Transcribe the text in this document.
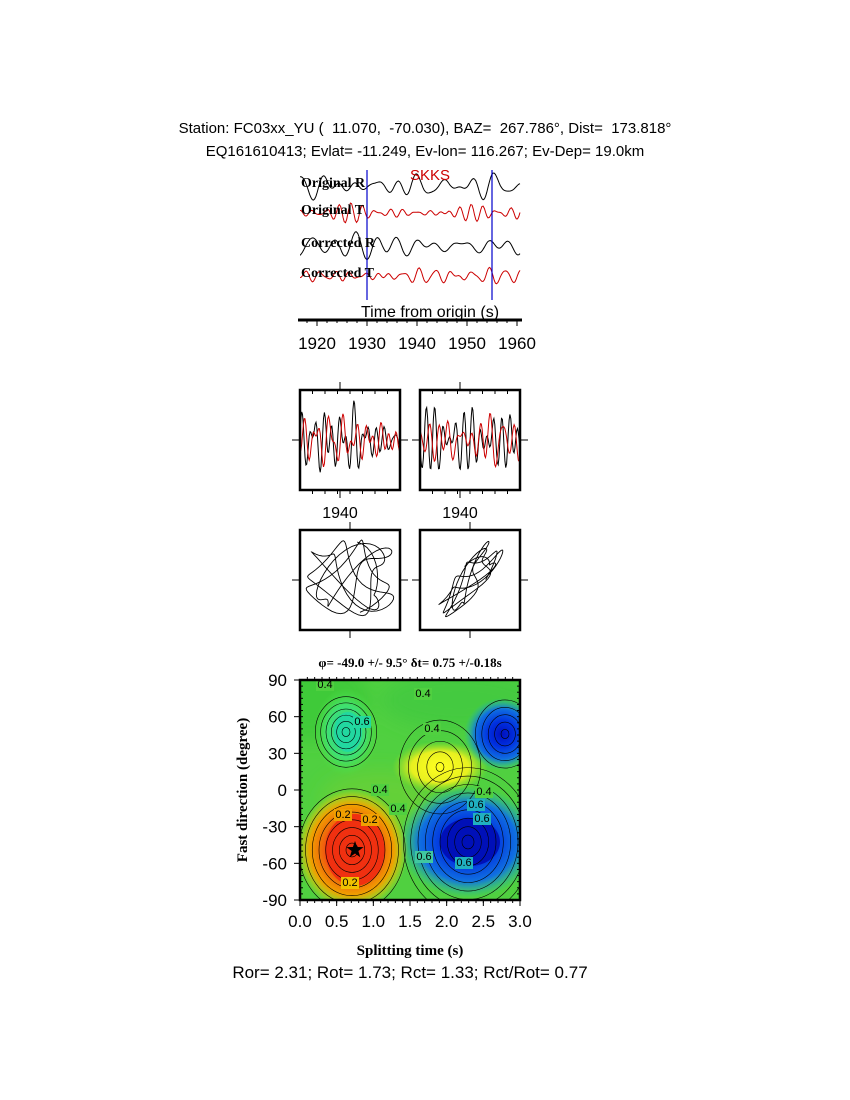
Station: FC03xx_YU (  11.070,  -70.030), BAZ=  267.786°, Dist=  173.818°
EQ161610413; Evlat= -11.249, Ev-lon= 116.267; Ev-Dep= 19.0km
Original R
Original T
Corrected R
Corrected T
SKKS
Time from origin (s)
1920 1930 1940 1950 1960
1940	1940
φ= -49.0 +/- 9.5° δt= 0.75 +/-0.18s
0.4
0.4
0.4
0.6
0.4
0.4
0.2 0.2
0.4
0.6
0.6
0.6 0.6
0.2
0.0 0.5 1.0 1.5 2.0 2.5 3.0
90
60
30
0
-30
-60
-90
Splitting time (s)
Fast direction (degree)
Ror= 2.31; Rot= 1.73; Rct= 1.33; Rct/Rot= 0.77
